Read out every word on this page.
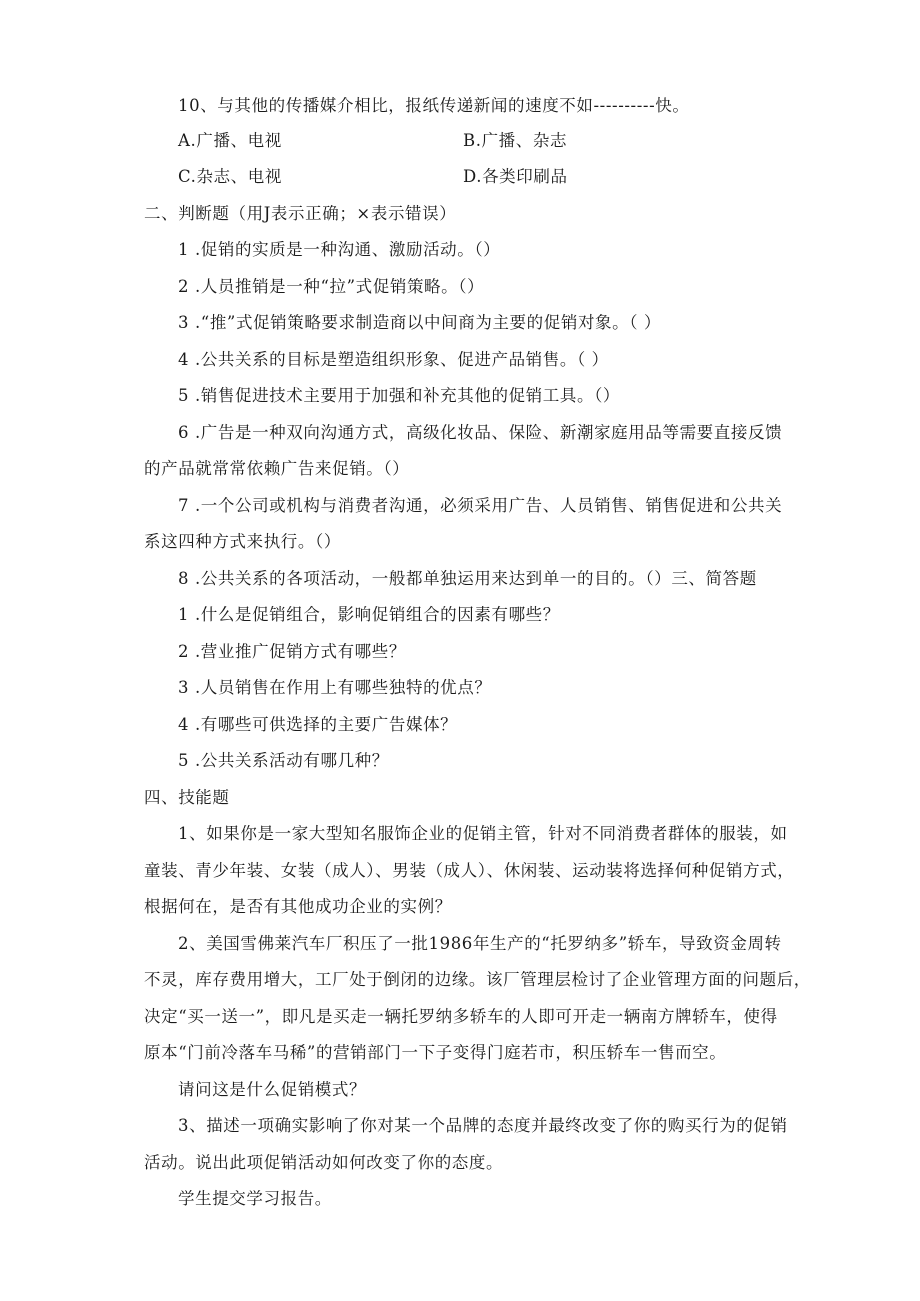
10、与其他的传播媒介相比，报纸传递新闻的速度不如----------快。
A.广播、电视	B.广播、杂志
C.杂志、电视	D.各类印刷品
二、判断题（用J表示正确；×表示错误）
1 .促销的实质是一种沟通、激励活动。（）
2 .人员推销是一种“拉”式促销策略。（）
3 .“推”式促销策略要求制造商以中间商为主要的促销对象。（ ）
4 .公共关系的目标是塑造组织形象、促进产品销售。（ ）
5 .销售促进技术主要用于加强和补充其他的促销工具。（）
6 .广告是一种双向沟通方式，高级化妆品、保险、新潮家庭用品等需要直接反馈
的产品就常常依赖广告来促销。（）
7 .一个公司或机构与消费者沟通，必须采用广告、人员销售、销售促进和公共关
系这四种方式来执行。（）
8 .公共关系的各项活动，一般都单独运用来达到单一的目的。（）三、简答题
1 .什么是促销组合，影响促销组合的因素有哪些？
2 .营业推广促销方式有哪些？
3 .人员销售在作用上有哪些独特的优点？
4 .有哪些可供选择的主要广告媒体？
5 .公共关系活动有哪几种？
四、技能题
1、如果你是一家大型知名服饰企业的促销主管，针对不同消费者群体的服装，如
童装、青少年装、女装（成人）、男装（成人）、休闲装、运动装将选择何种促销方式，
根据何在，是否有其他成功企业的实例？
2、美国雪佛莱汽车厂积压了一批1986年生产的“托罗纳多”轿车，导致资金周转
不灵，库存费用增大，工厂处于倒闭的边缘。该厂管理层检讨了企业管理方面的问题后，
决定“买一送一”，即凡是买走一辆托罗纳多轿车的人即可开走一辆南方牌轿车，使得
原本“门前冷落车马稀”的营销部门一下子变得门庭若市，积压轿车一售而空。
请问这是什么促销模式？
3、描述一项确实影响了你对某一个品牌的态度并最终改变了你的购买行为的促销
活动。说出此项促销活动如何改变了你的态度。
学生提交学习报告。
